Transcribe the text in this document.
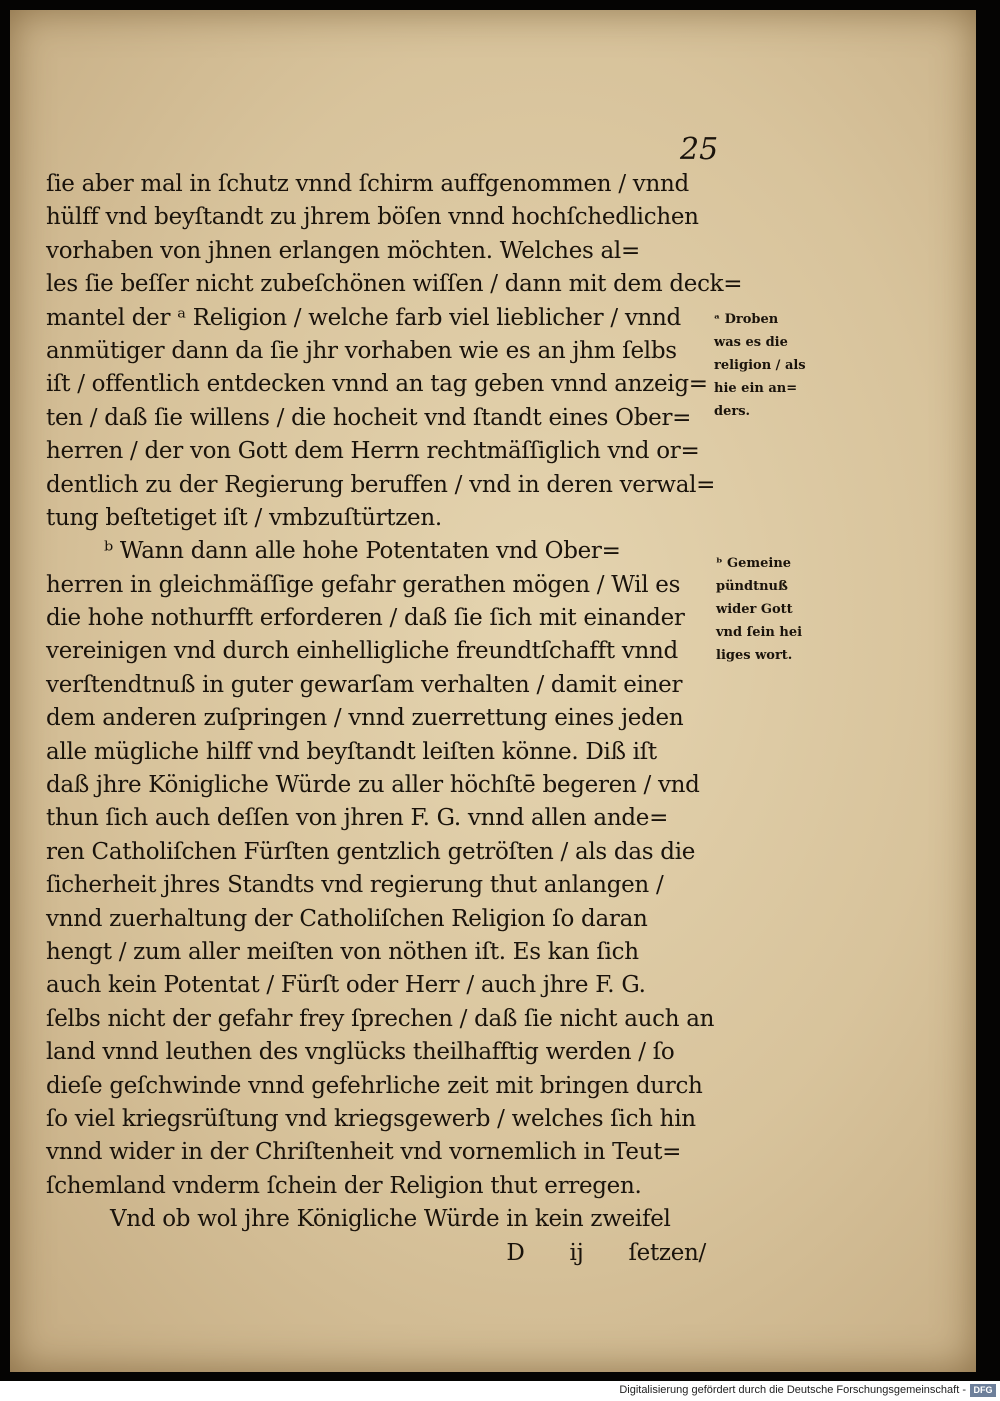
25
ſie aber mal in ſchutz vnnd ſchirm auffgenommen / vnnd
hülff vnd beyſtandt zu jhrem böſen vnnd hochſchedlichen
vorhaben von jhnen erlangen möchten. Welches al=
les ſie beſſer nicht zubeſchönen wiſſen / dann mit dem deck=
mantel der ᵃ Religion / welche farb viel lieblicher / vnnd
anmütiger dann da ſie jhr vorhaben wie es an jhm ſelbs
iſt / offentlich entdecken vnnd an tag geben vnnd anzeig=
ten / daß ſie willens / die hocheit vnd ſtandt eines Ober=
herren / der von Gott dem Herrn rechtmäſſiglich vnd or=
dentlich zu der Regierung beruffen / vnd in deren verwal=
tung beſtetiget iſt / vmbzuſtürtzen.
ᵇ Wann dann alle hohe Potentaten vnd Ober=
herren in gleichmäſſige gefahr gerathen mögen / Wil es
die hohe nothurfft erforderen / daß ſie ſich mit einander
vereinigen vnd durch einhelligliche freundtſchafft vnnd
verſtendtnuß in guter gewarſam verhalten / damit einer
dem anderen zuſpringen / vnnd zuerrettung eines jeden
alle mügliche hilff vnd beyſtandt leiſten könne. Diß iſt
daß jhre Königliche Würde zu aller höchſtē begeren / vnd
thun ſich auch deſſen von jhren F. G. vnnd allen ande=
ren Catholiſchen Fürſten gentzlich getröſten / als das die
ſicherheit jhres Standts vnd regierung thut anlangen /
vnnd zuerhaltung der Catholiſchen Religion ſo daran
hengt / zum aller meiſten von nöthen iſt. Es kan ſich
auch kein Potentat / Fürſt oder Herr / auch jhre F. G.
ſelbs nicht der gefahr frey ſprechen / daß ſie nicht auch an
land vnnd leuthen des vnglücks theilhafftig werden / ſo
dieſe geſchwinde vnnd gefehrliche zeit mit bringen durch
ſo viel kriegsrüſtung vnd kriegsgewerb / welches ſich hin
vnnd wider in der Chriſtenheit vnd vornemlich in Teut=
ſchemland vnderm ſchein der Religion thut erregen.
Vnd ob wol jhre Königliche Würde in kein zweifel
D ij ſetzen/
ᵃ Droben
was es die
religion / als
hie ein an=
ders.
ᵇ Gemeine
pündtnuß
wider Gott
vnd ſein hei
liges wort.
Digitalisierung gefördert durch die Deutsche Forschungsgemeinschaft - DFG
